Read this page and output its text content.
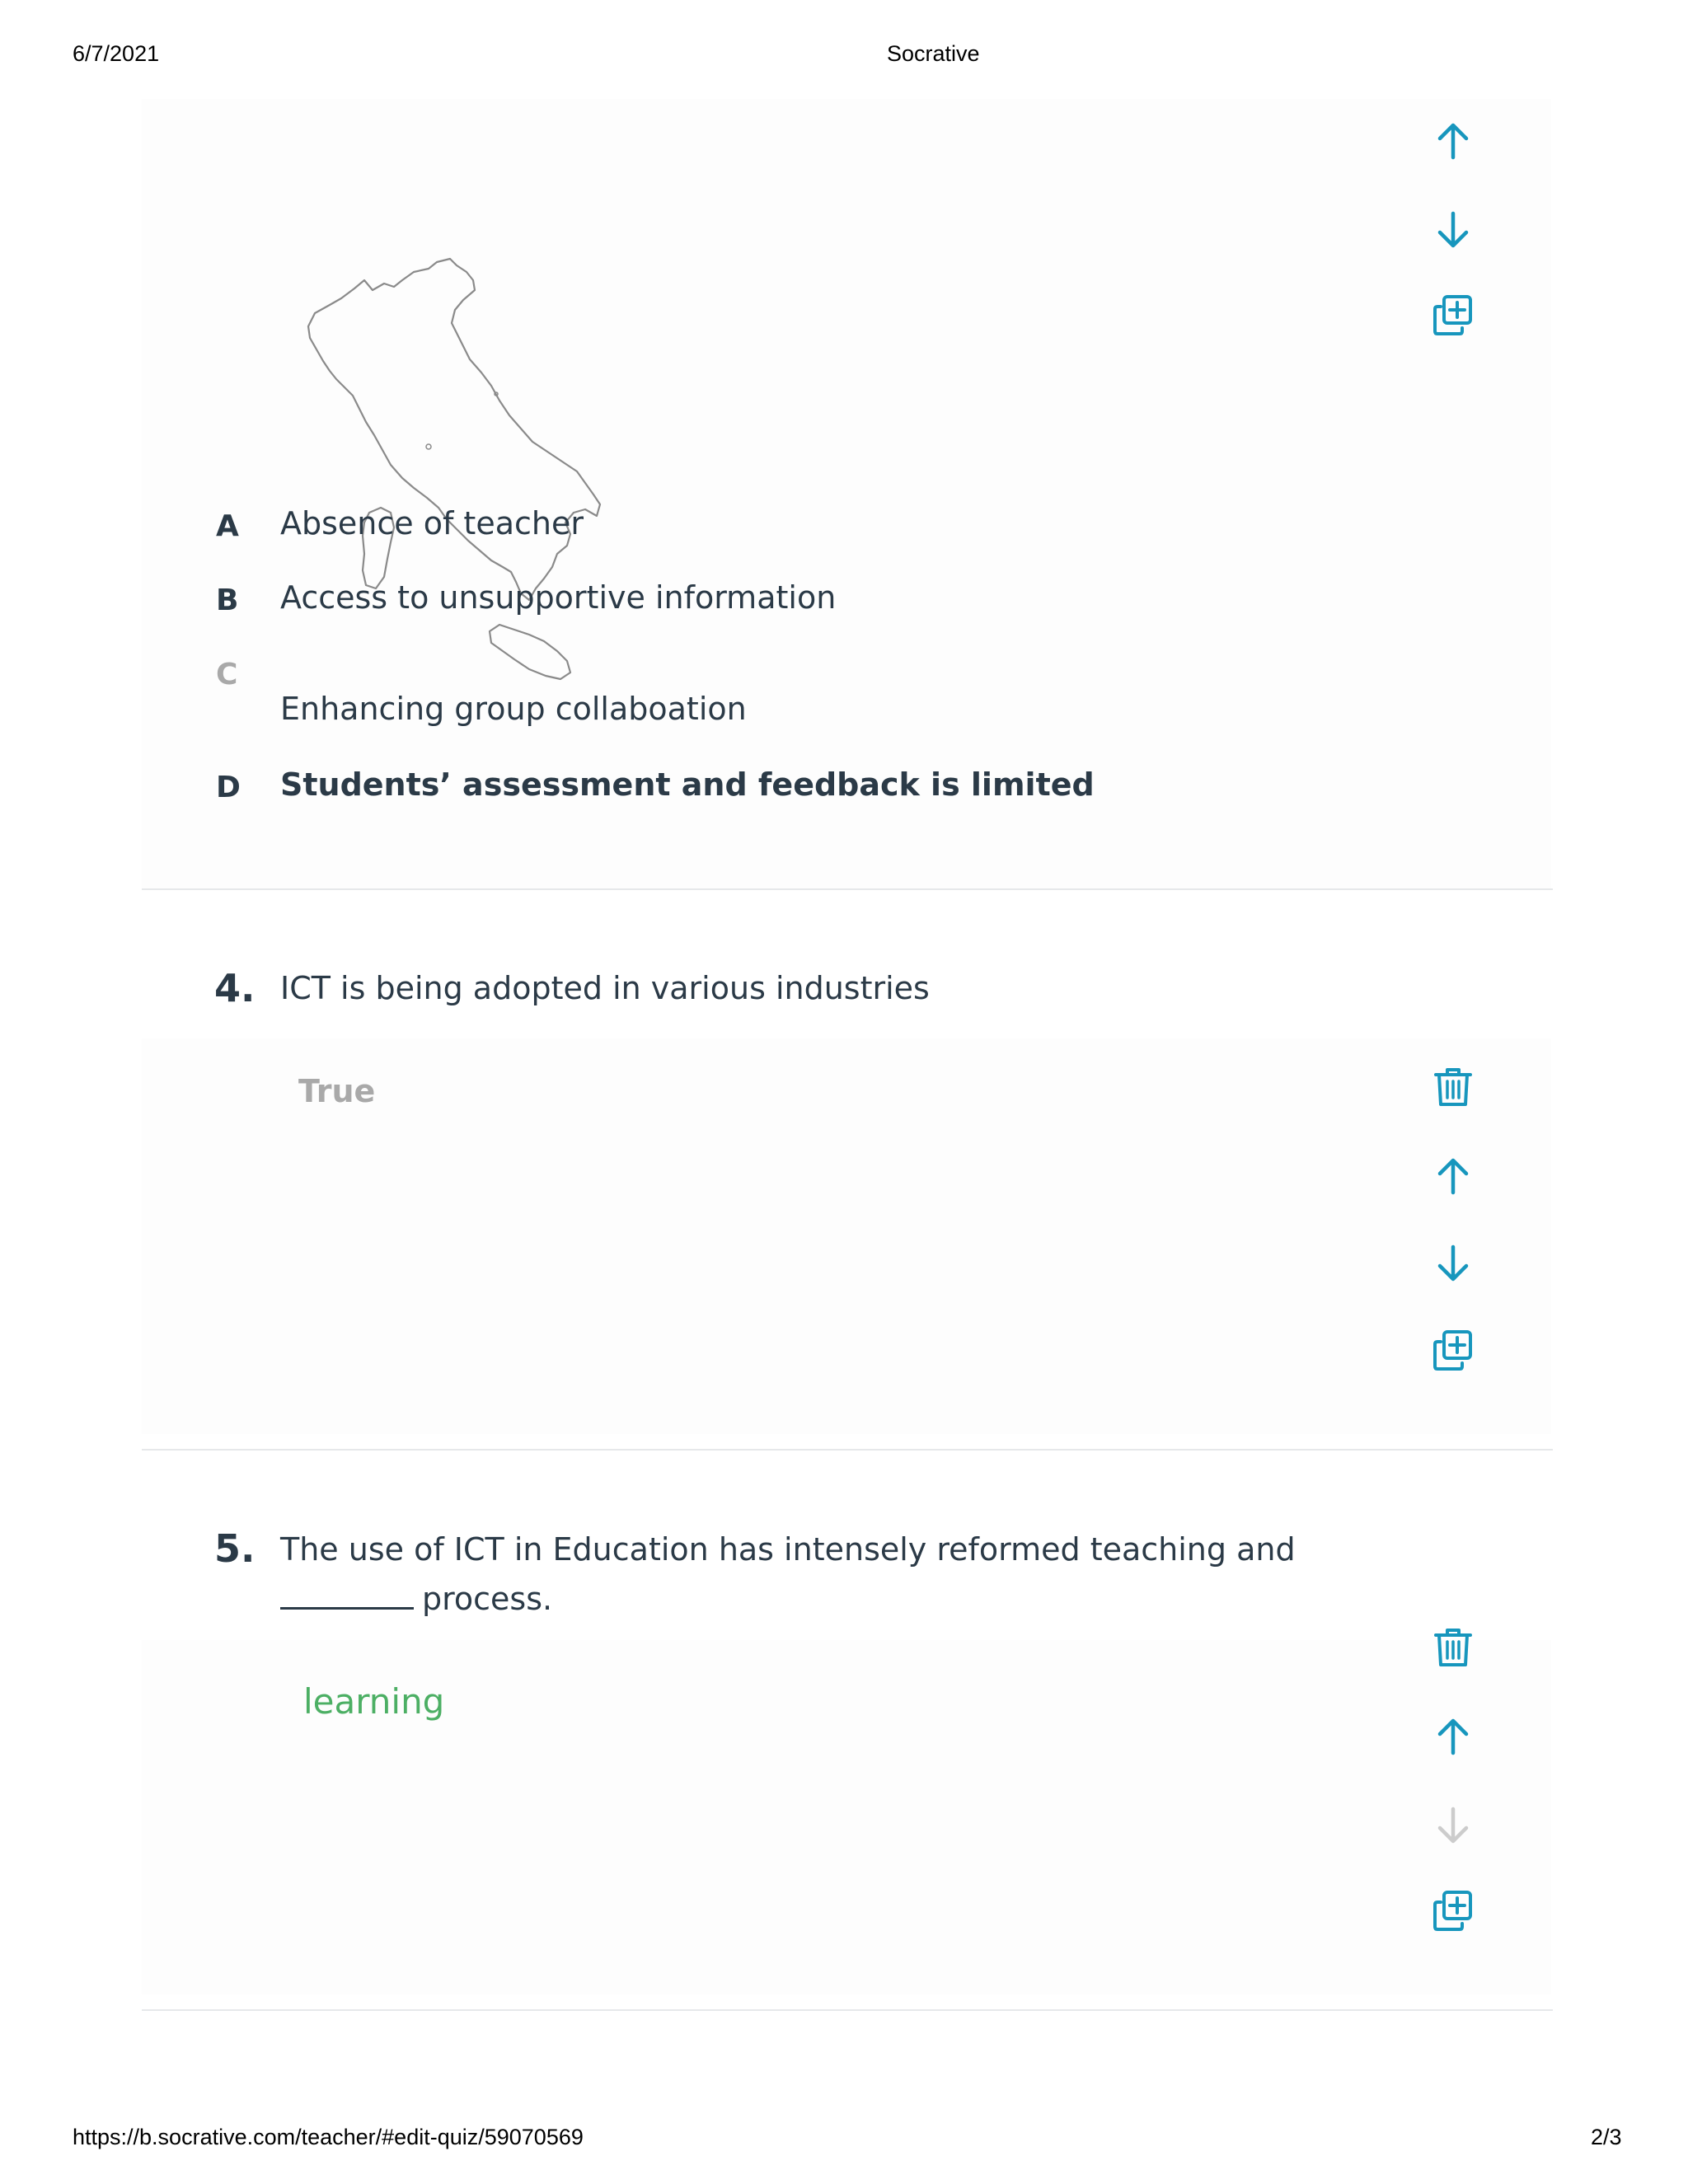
6/7/2021	Socrative
https://b.socrative.com/teacher/#edit-quiz/59070569	2/3
A Absence of teacher
B Access to unsupportive information
C
Enhancing group collaboation
D Students’ assessment and feedback is limited
4. ICT is being adopted in various industries
True
5. The use of ICT in Education has intensely reformed teaching and
process.
learning
